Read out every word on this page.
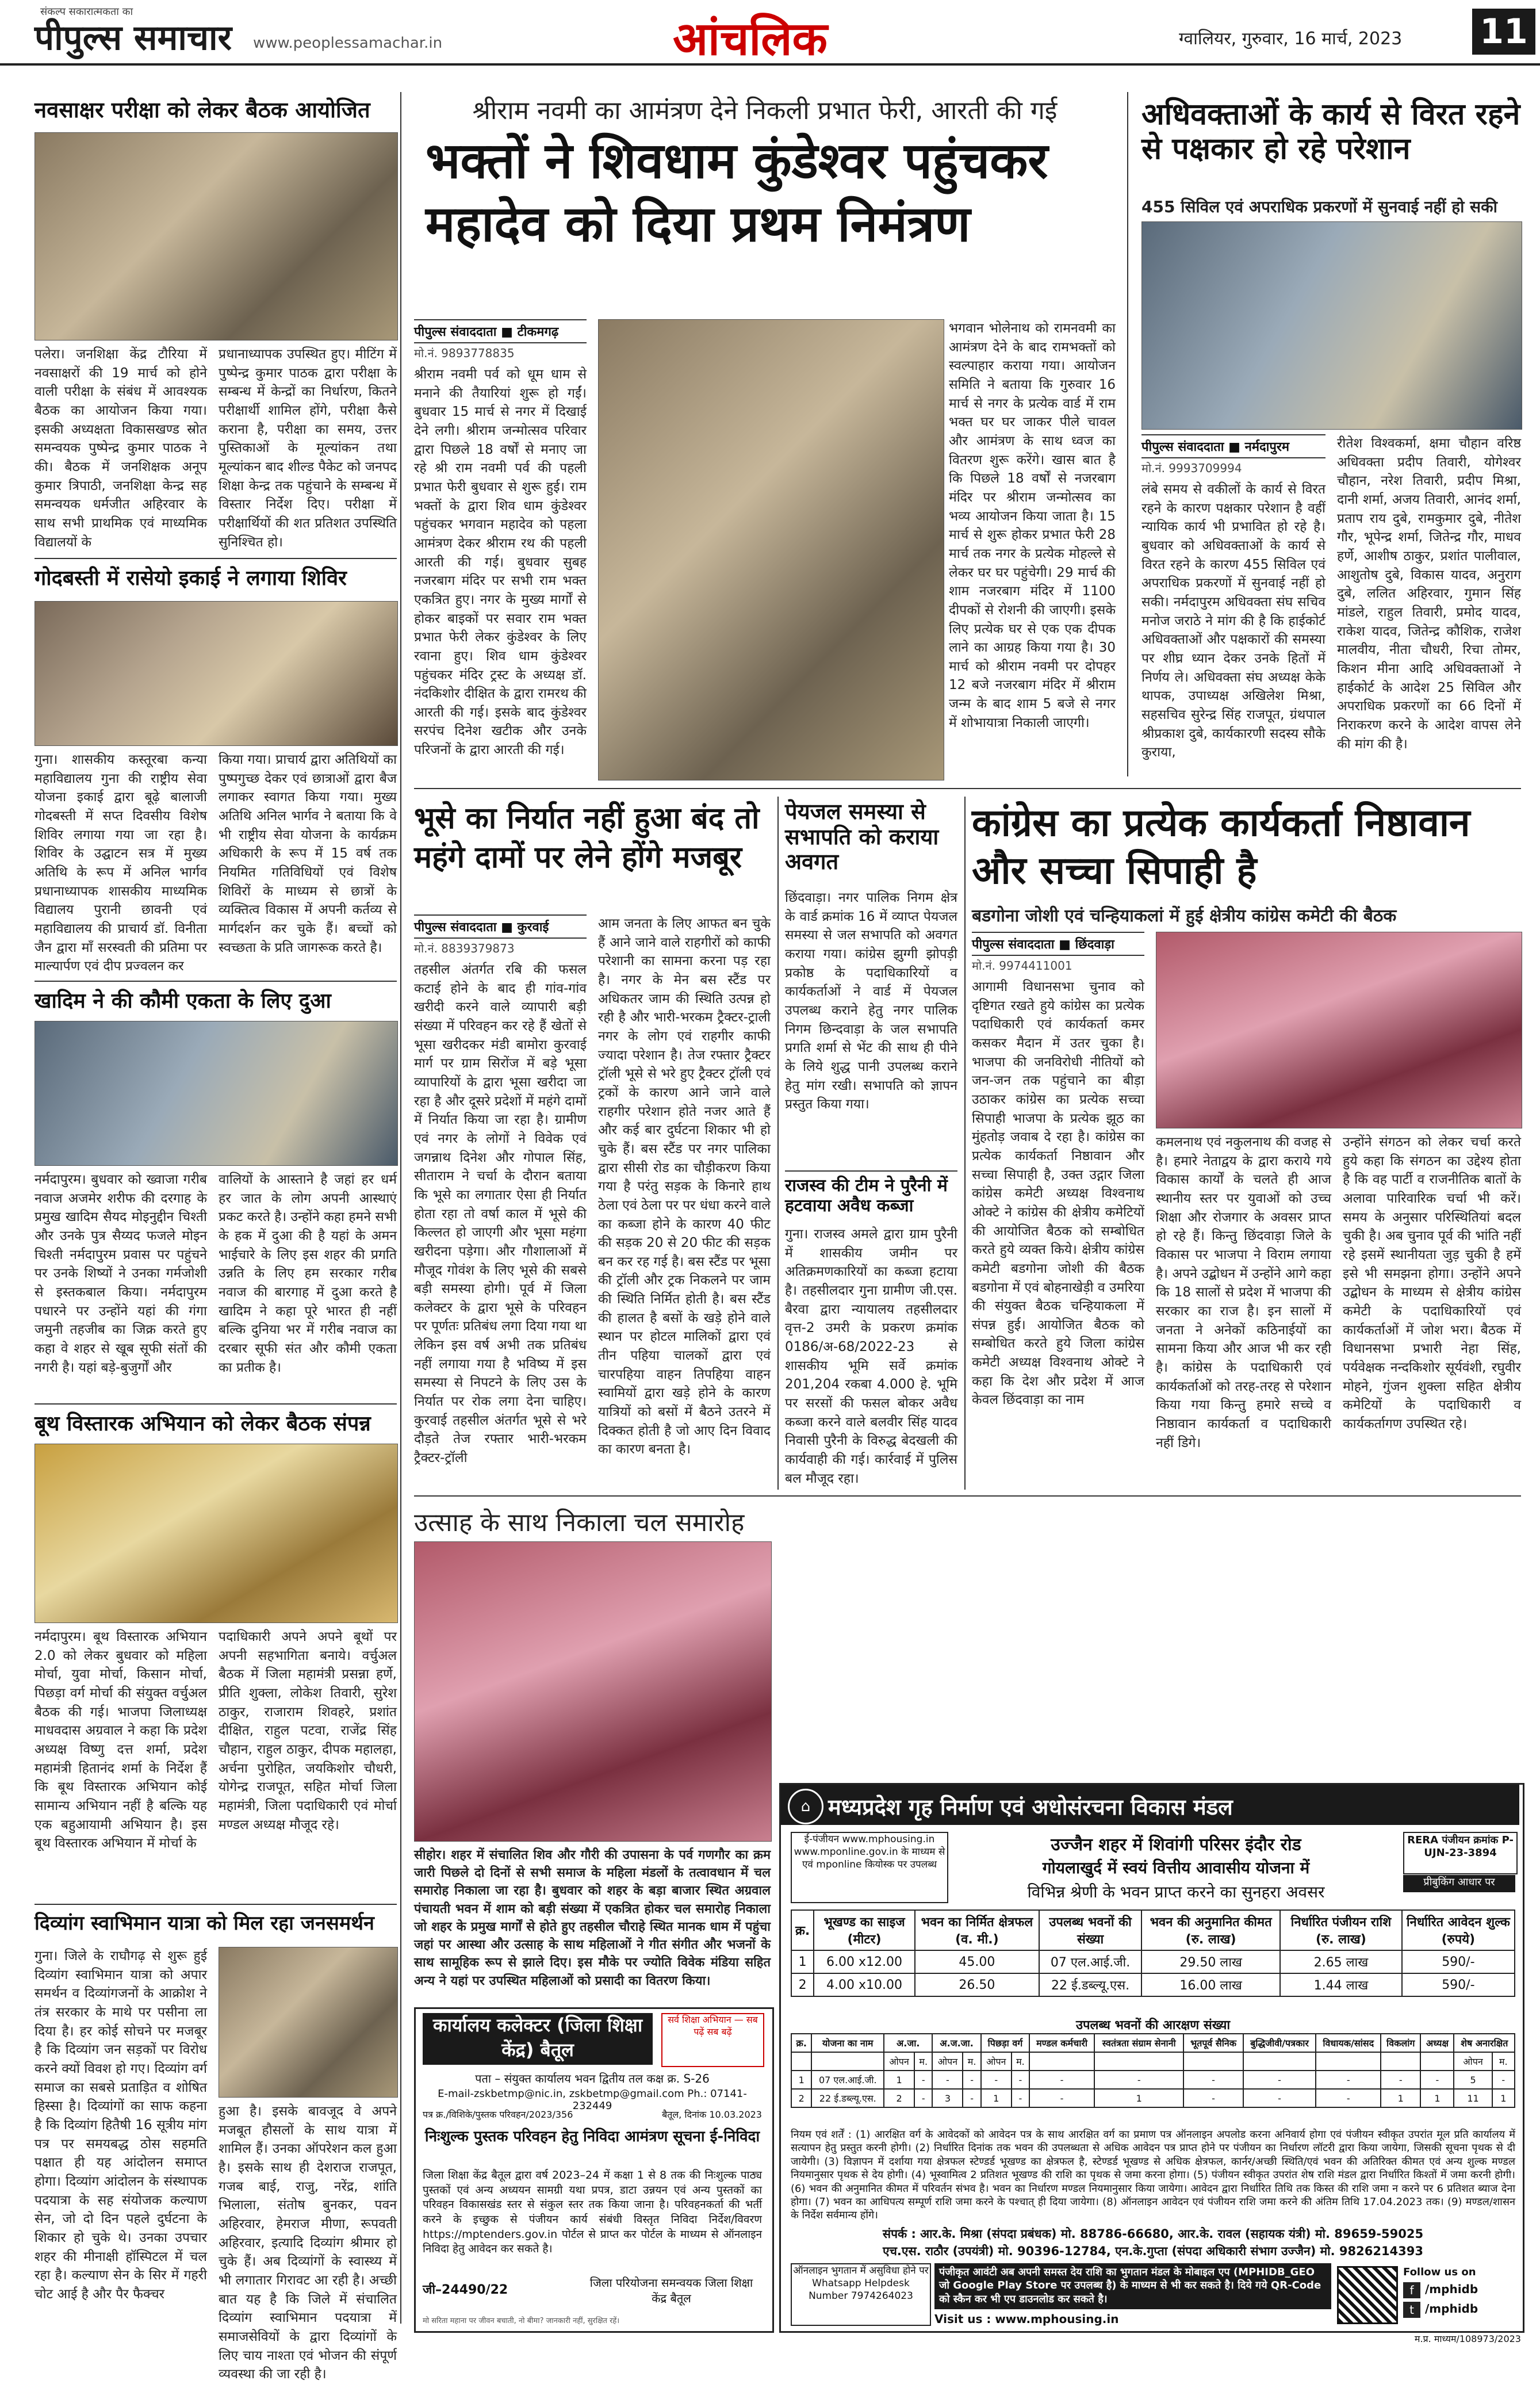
संकल्प सकारात्मकता का
पीपुल्स समाचार www.peoplessamachar.in	आंचलिक	ग्वालियर, गुरुवार, 16 मार्च, 2023 11
नवसाक्षर परीक्षा को लेकर बैठक आयोजित
पलेरा। जनशिक्षा केंद्र टौरिया में नवसाक्षरों की 19 मार्च को होने वाली परीक्षा के संबंध में आवश्यक बैठक का आयोजन किया गया। इसकी अध्यक्षता विकासखण्ड स्रोत समन्वयक पुष्पेन्द्र कुमार पाठक ने की। बैठक में जनशिक्षक अनूप कुमार त्रिपाठी, जनशिक्षा केन्द्र सह समन्वयक धर्मजीत अहिरवार के साथ सभी प्राथमिक एवं माध्यमिक विद्यालयों के
प्रधानाध्यापक उपस्थित हुए। मीटिंग में पुष्पेन्द्र कुमार पाठक द्वारा परीक्षा के सम्बन्ध में केन्द्रों का निर्धारण, कितने परीक्षार्थी शामिल होंगे, परीक्षा कैसे कराना है, परीक्षा का समय, उत्तर पुस्तिकाओं के मूल्यांकन तथा मूल्यांकन बाद शील्ड पैकेट को जनपद शिक्षा केन्द्र तक पहुंचाने के सम्बन्ध में विस्तार निर्देश दिए। परीक्षा में परीक्षार्थियों की शत प्रतिशत उपस्थिति सुनिश्चित हो।
गोदबस्ती में रासेयो इकाई ने लगाया शिविर
गुना। शासकीय कस्तूरबा कन्या महाविद्यालय गुना की राष्ट्रीय सेवा योजना इकाई द्वारा बूढ़े बालाजी गोदबस्ती में सप्त दिवसीय विशेष शिविर लगाया गया जा रहा है। शिविर के उद्घाटन सत्र में मुख्य अतिथि के रूप में अनिल भार्गव प्रधानाध्यापक शासकीय माध्यमिक विद्यालय पुरानी छावनी एवं महाविद्यालय की प्राचार्य डॉ. विनीता जैन द्वारा माँ सरस्वती की प्रतिमा पर माल्यार्पण एवं दीप प्रज्वलन कर
किया गया। प्राचार्य द्वारा अतिथियों का पुष्पगुच्छ देकर एवं छात्राओं द्वारा बैज लगाकर स्वागत किया गया। मुख्य अतिथि अनिल भार्गव ने बताया कि वे भी राष्ट्रीय सेवा योजना के कार्यक्रम अधिकारी के रूप में 15 वर्ष तक नियमित गतिविधियों एवं विशेष शिविरों के माध्यम से छात्रों के व्यक्तित्व विकास में अपनी कर्तव्य से मार्गदर्शन कर चुके हैं। बच्चों को स्वच्छता के प्रति जागरूक करते है।
खादिम ने की कौमी एकता के लिए दुआ
नर्मदापुरम। बुधवार को ख्वाजा गरीब नवाज अजमेर शरीफ की दरगाह के प्रमुख खादिम सैयद मोइनुद्दीन चिश्ती और उनके पुत्र सैय्यद फजले मोइन चिश्ती नर्मदापुरम प्रवास पर पहुंचने पर उनके शिष्यों ने उनका गर्मजोशी से इस्तकबाल किया। नर्मदापुरम पधारने पर उन्होंने यहां की गंगा जमुनी तहजीब का जिक्र करते हुए कहा वे शहर से खूब सूफी संतों की नगरी है। यहां बड़े-बुजुर्गों और
वालियों के आस्ताने है जहां हर धर्म हर जात के लोग अपनी आस्थाएं प्रकट करते है। उन्होंने कहा हमने सभी के हक में दुआ की है यहां के अमन भाईचारे के लिए इस शहर की प्रगति उन्नति के लिए हम सरकार गरीब नवाज की बारगाह में दुआ करते है खादिम ने कहा पूरे भारत ही नहीं बल्कि दुनिया भर में गरीब नवाज का दरबार सूफी संत और कौमी एकता का प्रतीक है।
बूथ विस्तारक अभियान को लेकर बैठक संपन्न
नर्मदापुरम। बूथ विस्तारक अभियान 2.0 को लेकर बुधवार को महिला मोर्चा, युवा मोर्चा, किसान मोर्चा, पिछड़ा वर्ग मोर्चा की संयुक्त वर्चुअल बैठक की गई। भाजपा जिलाध्यक्ष माधवदास अग्रवाल ने कहा कि प्रदेश अध्यक्ष विष्णु दत्त शर्मा, प्रदेश महामंत्री हितानंद शर्मा के निर्देश हैं कि बूथ विस्तारक अभियान कोई सामान्य अभियान नहीं है बल्कि यह एक बहुआयामी अभियान है। इस बूथ विस्तारक अभियान में मोर्चा के
पदाधिकारी अपने अपने बूथों पर अपनी सहभागिता बनाये। वर्चुअल बैठक में जिला महामंत्री प्रसन्ना हर्णे, प्रीति शुक्ला, लोकेश तिवारी, सुरेश ठाकुर, राजाराम शिवहरे, प्रशांत दीक्षित, राहुल पटवा, राजेंद्र सिंह चौहान, राहुल ठाकुर, दीपक महालहा, अर्चना पुरोहित, जयकिशोर चौधरी, योगेन्द्र राजपूत, सहित मोर्चा जिला महामंत्री, जिला पदाधिकारी एवं मोर्चा मण्डल अध्यक्ष मौजूद रहे।
दिव्यांग स्वाभिमान यात्रा को मिल रहा जनसमर्थन
गुना। जिले के राघौगढ़ से शुरू हुई दिव्यांग स्वाभिमान यात्रा को अपार समर्थन व दिव्यांगजनों के आक्रोश ने तंत्र सरकार के माथे पर पसीना ला दिया है। हर कोई सोचने पर मजबूर है कि दिव्यांग जन सड़कों पर विरोध करने क्यों विवश हो गए। दिव्यांग वर्ग समाज का सबसे प्रताड़ित व शोषित हिस्सा है। दिव्यांगों का साफ कहना है कि दिव्यांग हितैषी 16 सूत्रीय मांग पत्र पर समयबद्ध ठोस सहमति पक्षात ही यह आंदोलन समाप्त होगा। दिव्यांग आंदोलन के संस्थापक पदयात्रा के सह संयोजक कल्याण सेन, जो दो दिन पहले दुर्घटना के शिकार हो चुके थे। उनका उपचार शहर की मीनाक्षी हॉस्पिटल में चल रहा है। कल्याण सेन के सिर में गहरी चोट आई है और पैर फैक्चर
हुआ है। इसके बावजूद वे अपने मजबूत हौसलों के साथ यात्रा में शामिल हैं। उनका ऑपरेशन कल हुआ है। इसके साथ ही देशराज राजपूत, गजब बाई, राजु, नरेंद्र, शांति भिलाला, संतोष बुनकर, पवन अहिरवार, हेमराज मीणा, रूपवती अहिरवार, इत्यादि दिव्यांग श्रीमार हो चुके हैं। अब दिव्यांगों के स्वास्थ्य में भी लगातार गिरावट आ रही है। अच्छी बात यह है कि जिले में संचालित दिव्यांग स्वाभिमान पदयात्रा में समाजसेवियों के द्वारा दिव्यांगों के लिए चाय नाश्ता एवं भोजन की संपूर्ण व्यवस्था की जा रही है।
श्रीराम नवमी का आमंत्रण देने निकली प्रभात फेरी, आरती की गई
भक्तों ने शिवधाम कुंडेश्वर पहुंचकर महादेव को दिया प्रथम निमंत्रण
पीपुल्स संवाददाता ■ टीकमगढ़
मो.नं. 9893778835
श्रीराम नवमी पर्व को धूम धाम से मनाने की तैयारियां शुरू हो गईं। बुधवार 15 मार्च से नगर में दिखाई देने लगी। श्रीराम जन्मोत्सव परिवार द्वारा पिछले 18 वर्षों से मनाए जा रहे श्री राम नवमी पर्व की पहली प्रभात फेरी बुधवार से शुरू हुई। राम भक्तों के द्वारा शिव धाम कुंडेश्वर पहुंचकर भगवान महादेव को पहला आमंत्रण देकर श्रीराम रथ की पहली आरती की गई। बुधवार सुबह नजरबाग मंदिर पर सभी राम भक्त एकत्रित हुए। नगर के मुख्य मार्गों से होकर बाइकों पर सवार राम भक्त प्रभात फेरी लेकर कुंडेश्वर के लिए रवाना हुए। शिव धाम कुंडेश्वर पहुंचकर मंदिर ट्रस्ट के अध्यक्ष डॉ. नंदकिशोर दीक्षित के द्वारा रामरथ की आरती की गई। इसके बाद कुंडेश्वर सरपंच दिनेश खटीक और उनके परिजनों के द्वारा आरती की गई।
भगवान भोलेनाथ को रामनवमी का आमंत्रण देने के बाद रामभक्तों को स्वल्पाहार कराया गया। आयोजन समिति ने बताया कि गुरुवार 16 मार्च से नगर के प्रत्येक वार्ड में राम भक्त घर घर जाकर पीले चावल और आमंत्रण के साथ ध्वज का वितरण शुरू करेंगे। खास बात है कि पिछले 18 वर्षों से नजरबाग मंदिर पर श्रीराम जन्मोत्सव का भव्य आयोजन किया जाता है। 15 मार्च से शुरू होकर प्रभात फेरी 28 मार्च तक नगर के प्रत्येक मोहल्ले से लेकर घर घर पहुंचेगी। 29 मार्च की शाम नजरबाग मंदिर में 1100 दीपकों से रोशनी की जाएगी। इसके लिए प्रत्येक घर से एक एक दीपक लाने का आग्रह किया गया है। 30 मार्च को श्रीराम नवमी पर दोपहर 12 बजे नजरबाग मंदिर में श्रीराम जन्म के बाद शाम 5 बजे से नगर में शोभायात्रा निकाली जाएगी।
अधिवक्ताओं के कार्य से विरत रहने से पक्षकार हो रहे परेशान
455 सिविल एवं अपराधिक प्रकरणों में सुनवाई नहीं हो सकी
पीपुल्स संवाददाता ■ नर्मदापुरम
मो.नं. 9993709994
लंबे समय से वकीलों के कार्य से विरत रहने के कारण पक्षकार परेशान है वहीं न्यायिक कार्य भी प्रभावित हो रहे है। बुधवार को अधिवक्ताओं के कार्य से विरत रहने के कारण 455 सिविल एवं अपराधिक प्रकरणों में सुनवाई नहीं हो सकी। नर्मदापुरम अधिवक्ता संघ सचिव मनोज जराठे ने मांग की है कि हाईकोर्ट अधिवक्ताओं और पक्षकारों की समस्या पर शीघ्र ध्यान देकर उनके हितों में निर्णय ले। अधिवक्ता संघ अध्यक्ष केके थापक, उपाध्यक्ष अखिलेश मिश्रा, सहसचिव सुरेन्द्र सिंह राजपूत, ग्रंथपाल श्रीप्रकाश दुबे, कार्यकारणी सदस्य सौके कुराया,
रीतेश विश्वकर्मा, क्षमा चौहान वरिष्ठ अधिवक्ता प्रदीप तिवारी, योगेश्वर चौहान, नरेश तिवारी, प्रदीप मिश्रा, दानी शर्मा, अजय तिवारी, आनंद शर्मा, प्रताप राय दुबे, रामकुमार दुबे, नीतेश गौर, भूपेन्द्र शर्मा, जितेन्द्र गौर, माधव हर्णे, आशीष ठाकुर, प्रशांत पालीवाल, आशुतोष दुबे, विकास यादव, अनुराग दुबे, ललित अहिरवार, गुमान सिंह मांडले, राहुल तिवारी, प्रमोद यादव, राकेश यादव, जितेन्द्र कौशिक, राजेश मालवीय, नीता चौधरी, रिचा तोमर, किशन मीना आदि अधिवक्ताओं ने हाईकोर्ट के आदेश 25 सिविल और अपराधिक प्रकरणों का 66 दिनों में निराकरण करने के आदेश वापस लेने की मांग की है।
भूसे का निर्यात नहीं हुआ बंद तो महंगे दामों पर लेने होंगे मजबूर
पीपुल्स संवाददाता ■ कुरवाई
मो.नं. 8839379873
तहसील अंतर्गत रबि की फसल कटाई होने के बाद ही गांव-गांव खरीदी करने वाले व्यापारी बड़ी संख्या में परिवहन कर रहे हैं खेतों से भूसा खरीदकर मंडी बामोरा कुरवाई मार्ग पर ग्राम सिरोंज में बड़े भूसा व्यापारियों के द्वारा भूसा खरीदा जा रहा है और दूसरे प्रदेशों में महंगे दामों में निर्यात किया जा रहा है। ग्रामीण एवं नगर के लोगों ने विवेक एवं जगन्नाथ दिनेश और गोपाल सिंह, सीताराम ने चर्चा के दौरान बताया कि भूसे का लगातार ऐसा ही निर्यात होता रहा तो वर्षा काल में भूसे की किल्लत हो जाएगी और भूसा महंगा खरीदना पड़ेगा। और गौशालाओं में मौजूद गोवंश के लिए भूसे की सबसे बड़ी समस्या होगी। पूर्व में जिला कलेक्टर के द्वारा भूसे के परिवहन पर पूर्णतः प्रतिबंध लगा दिया गया था लेकिन इस वर्ष अभी तक प्रतिबंध नहीं लगाया गया है भविष्य में इस समस्या से निपटने के लिए उस के निर्यात पर रोक लगा देना चाहिए। कुरवाई तहसील अंतर्गत भूसे से भरे दौड़ते तेज रफ्तार भारी-भरकम ट्रैक्टर-ट्रॉली
आम जनता के लिए आफत बन चुके हैं आने जाने वाले राहगीरों को काफी परेशानी का सामना करना पड़ रहा है। नगर के मेन बस स्टैंड पर अधिकतर जाम की स्थिति उत्पन्न हो रही है और भारी-भरकम ट्रैक्टर-ट्राली नगर के लोग एवं राहगीर काफी ज्यादा परेशान है। तेज रफ्तार ट्रैक्टर ट्रॉली भूसे से भरे हुए ट्रैक्टर ट्रॉली एवं ट्रकों के कारण आने जाने वाले राहगीर परेशान होते नजर आते हैं और कई बार दुर्घटना शिकार भी हो चुके हैं। बस स्टैंड पर नगर पालिका द्वारा सीसी रोड का चौड़ीकरण किया गया है परंतु सड़क के किनारे हाथ ठेला एवं ठेला पर पर धंधा करने वाले का कब्जा होने के कारण 40 फीट की सड़क 20 से 20 फीट की सड़क बन कर रह गई है। बस स्टैंड पर भूसा की ट्रॉली और ट्रक निकलने पर जाम की स्थिति निर्मित होती है। बस स्टैंड की हालत है बसों के खड़े होने वाले स्थान पर होटल मालिकों द्वारा एवं तीन पहिया चालकों द्वारा एवं चारपहिया वाहन तिपहिया वाहन स्वामियों द्वारा खड़े होने के कारण यात्रियों को बसों में बैठने उतरने में दिक्कत होती है जो आए दिन विवाद का कारण बनता है।
पेयजल समस्या से सभापति को कराया अवगत
छिंदवाड़ा। नगर पालिक निगम क्षेत्र के वार्ड क्रमांक 16 में व्याप्त पेयजल समस्या से जल सभापति को अवगत कराया गया। कांग्रेस झुग्गी झोपड़ी प्रकोष्ठ के पदाधिकारियों व कार्यकर्ताओं ने वार्ड में पेयजल उपलब्ध कराने हेतु नगर पालिक निगम छिन्दवाड़ा के जल सभापति प्रगति शर्मा से भेंट की साथ ही पीने के लिये शुद्ध पानी उपलब्ध कराने हेतु मांग रखी। सभापति को ज्ञापन प्रस्तुत किया गया।
राजस्व की टीम ने पुरैनी में हटवाया अवैध कब्जा
गुना। राजस्व अमले द्वारा ग्राम पुरैनी में शासकीय जमीन पर अतिक्रमणकारियों का कब्जा हटाया है। तहसीलदार गुना ग्रामीण जी.एस. बैरवा द्वारा न्यायालय तहसीलदार वृत्त-2 उमरी के प्रकरण क्रमांक 0186/अ-68/2022-23 से शासकीय भूमि सर्वे क्रमांक 201,204 रकबा 4.000 हे. भूमि पर सरसों की फसल बोकर अवैध कब्जा करने वाले बलवीर सिंह यादव निवासी पुरैनी के विरुद्ध बेदखली की कार्यवाही की गई। कार्रवाई में पुलिस बल मौजूद रहा।
कांग्रेस का प्रत्येक कार्यकर्ता निष्ठावान और सच्चा सिपाही है
बडगोना जोशी एवं चन्हियाकलां में हुई क्षेत्रीय कांग्रेस कमेटी की बैठक
पीपुल्स संवाददाता ■ छिंदवाड़ा
मो.नं. 9974411001
आगामी विधानसभा चुनाव को दृष्टिगत रखते हुये कांग्रेस का प्रत्येक पदाधिकारी एवं कार्यकर्ता कमर कसकर मैदान में उतर चुका है। भाजपा की जनविरोधी नीतियों को जन-जन तक पहुंचाने का बीड़ा उठाकर कांग्रेस का प्रत्येक सच्चा सिपाही भाजपा के प्रत्येक झूठ का मुंहतोड़ जवाब दे रहा है। कांग्रेस का प्रत्येक कार्यकर्ता निष्ठावान और सच्चा सिपाही है, उक्त उद्गार जिला कांग्रेस कमेटी अध्यक्ष विश्वनाथ ओक्टे ने कांग्रेस की क्षेत्रीय कमेटियों की आयोजित बैठक को सम्बोधित करते हुये व्यक्त किये। क्षेत्रीय कांग्रेस कमेटी बडगोना जोशी की बैठक बडगोना में एवं बोहनाखेड़ी व उमरिया की संयुक्त बैठक चन्हियाकला में संपन्न हुई। आयोजित बैठक को सम्बोधित करते हुये जिला कांग्रेस कमेटी अध्यक्ष विश्वनाथ ओक्टे ने कहा कि देश और प्रदेश में आज केवल छिंदवाड़ा का नाम
कमलनाथ एवं नकुलनाथ की वजह से है। हमारे नेताद्वय के द्वारा कराये गये विकास कार्यों के चलते ही आज स्थानीय स्तर पर युवाओं को उच्च शिक्षा और रोजगार के अवसर प्राप्त हो रहे हैं। किन्तु छिंदवाड़ा जिले के विकास पर भाजपा ने विराम लगाया है। अपने उद्बोधन में उन्होंने आगे कहा कि 18 सालों से प्रदेश में भाजपा की सरकार का राज है। इन सालों में जनता ने अनेकों कठिनाईयों का सामना किया और आज भी कर रही है। कांग्रेस के पदाधिकारी एवं कार्यकर्ताओं को तरह-तरह से परेशान किया गया किन्तु हमारे सच्चे व निष्ठावान कार्यकर्ता व पदाधिकारी नहीं डिगे।
उन्होंने संगठन को लेकर चर्चा करते हुये कहा कि संगठन का उद्देश्य होता है कि वह पार्टी व राजनीतिक बातों के अलावा पारिवारिक चर्चा भी करें। समय के अनुसार परिस्थितियां बदल चुकी है। अब चुनाव पूर्व की भांति नहीं रहे इसमें स्थानीयता जुड़ चुकी है हमें इसे भी समझना होगा। उन्होंने अपने उद्बोधन के माध्यम से क्षेत्रीय कांग्रेस कमेटी के पदाधिकारियों एवं कार्यकर्ताओं में जोश भरा। बैठक में विधानसभा प्रभारी नेहा सिंह, पर्यवेक्षक नन्दकिशोर सूर्यवंशी, रघुवीर मोहने, गुंजन शुक्ला सहित क्षेत्रीय कमेटियों के पदाधिकारी व कार्यकर्तागण उपस्थित रहे।
उत्साह के साथ निकाला चल समारोह
सीहोर। शहर में संचालित शिव और गौरी की उपासना के पर्व गणगौर का क्रम जारी पिछले दो दिनों से सभी समाज के महिला मंडलों के तत्वावधान में चल समारोह निकाला जा रहा है। बुधवार को शहर के बड़ा बाजार स्थित अग्रवाल पंचायती भवन में शाम को बड़ी संख्या में एकत्रित होकर चल समारोह निकाला जो शहर के प्रमुख मार्गों से होते हुए तहसील चौराहे स्थित मानक धाम में पहुंचा जहां पर आस्था और उत्साह के साथ महिलाओं ने गीत संगीत और भजनों के साथ सामूहिक रूप से झाले दिए। इस मौके पर ज्योति विवेक मंडिया सहित अन्य ने यहां पर उपस्थित महिलाओं को प्रसादी का वितरण किया।
कार्यालय कलेक्टर (जिला शिक्षा केंद्र) बैतूल
सर्व शिक्षा अभियान — सब पढ़ें सब बढ़ें
पता – संयुक्त कार्यालय भवन द्वितीय तल कक्ष क्र. S-26
E-mail-zskbetmp@nic.in, zskbetmp@gmail.com Ph.: 07141-232449
पत्र क्र./विशिके/पुस्तक परिवहन/2023/356	बैतूल, दिनांक 10.03.2023
निःशुल्क पुस्तक परिवहन हेतु निविदा आमंत्रण सूचना ई-निविदा
जिला शिक्षा केंद्र बैतूल द्वारा वर्ष 2023–24 में कक्षा 1 से 8 तक की निःशुल्क पाठ्य पुस्तकों एवं अन्य अध्ययन सामग्री यथा प्रपत्र, डाटा उन्नयन एवं अन्य पुस्तकों का परिवहन विकासखंड स्तर से संकुल स्तर तक किया जाना है। परिवहनकर्ता की भर्ती करने के इच्छुक से पंजीयन कार्य संबंधी विस्तृत निविदा निर्देश/विवरण https://mptenders.gov.in पोर्टल से प्राप्त कर पोर्टल के माध्यम से ऑनलाइन निविदा हेतु आवेदन कर सकते है।
जी–24490/22	जिला परियोजना समन्वयक जिला शिक्षा केंद्र बैतूल
मो सरिता महाना पर जीवन बचाती, नो बीमा? जानकारी नहीं, सुरक्षित रहें।
⌂ मध्यप्रदेश गृह निर्माण एवं अधोसंरचना विकास मंडल
ई-पंजीयन www.mphousing.in www.mponline.gov.in के माध्यम से एवं mponline कियोस्क पर उपलब्ध
उज्जैन शहर में शिवांगी परिसर इंदौर रोड
गोयलाखुर्द में स्वयं वित्तीय आवासीय योजना में
विभिन्न श्रेणी के भवन प्राप्त करने का सुनहरा अवसर
RERA पंजीयन क्रमांक P-UJN-23-3894
प्रीबुकिंग आधार पर
क्र.	भूखण्ड का साइज (मीटर)	भवन का निर्मित क्षेत्रफल (व. मी.)	उपलब्ध भवनों की संख्या	भवन की अनुमानित कीमत (रु. लाख)	निर्धारित पंजीयन राशि (रु. लाख)	निर्धारित आवेदन शुल्क (रुपये)
1	6.00 x12.00	45.00	07 एल.आई.जी.	29.50 लाख	2.65 लाख	590/-
2	4.00 x10.00	26.50	22 ई.डब्ल्यू.एस.	16.00 लाख	1.44 लाख	590/-
उपलब्ध भवनों की आरक्षण संख्या
क्र.	योजना का नाम	अ.जा.		अ.ज.जा.		पिछड़ा वर्ग		मण्डल कर्मचारी	स्वतंत्रता संग्राम सेनानी	भूतपूर्व सैनिक	बुद्धिजीवी/पत्रकार	विधायक/सांसद	विकलांग	अध्यक्ष	शेष अनारक्षित	
		ओपन	म.	ओपन	म.	ओपन	म.								ओपन	म.
1	07 एल.आई.जी.	1	-	-	-	-	-	-	-	-	-	-	-	-	5	-
2	22 ई.डब्ल्यू.एस.	2	-	3	-	1	-	-	1	-	-	-	1	1	11	1
नियम एवं शर्तें : (1) आरक्षित वर्ग के आवेदकों को आवेदन पत्र के साथ आरक्षित वर्ग का प्रमाण पत्र ऑनलाइन अपलोड करना अनिवार्य होगा एवं पंजीयन स्वीकृत उपरांत मूल प्रति कार्यालय में सत्यापन हेतु प्रस्तुत करनी होगी। (2) निर्धारित दिनांक तक भवन की उपलब्धता से अधिक आवेदन पत्र प्राप्त होने पर पंजीयन का निर्धारण लॉटरी द्वारा किया जायेगा, जिसकी सूचना पृथक से दी जायेगी। (3) विज्ञापन में दर्शाया गया क्षेत्रफल स्टेण्डर्ड भूखण्ड का क्षेत्रफल है, स्टेण्डर्ड भूखण्ड से अधिक क्षेत्रफल, कार्नर/अच्छी स्थिति/एवं भवन की अतिरिक्त कीमत एवं अन्य शुल्क मण्डल नियमानुसार पृथक से देय होगी। (4) भूस्वामित्व 2 प्रतिशत भूखण्ड की राशि का पृथक से जमा करना होगा। (5) पंजीयन स्वीकृत उपरांत शेष राशि मंडल द्वारा निर्धारित किश्तों में जमा करनी होगी। (6) भवन की अनुमानित कीमत में परिवर्तन संभव है। भवन का निर्धारण मण्डल नियमानुसार किया जायेगा। आवेदन द्वारा निर्धारित तिथि तक किस्त की राशि जमा न करने पर 6 प्रतिशत ब्याज देना होगा। (7) भवन का आधिपत्य सम्पूर्ण राशि जमा करने के पश्चात् ही दिया जायेगा। (8) ऑनलाइन आवेदन एवं पंजीयन राशि जमा करने की अंतिम तिथि 17.04.2023 तक। (9) मण्डल/शासन के निर्देश सर्वमान्य होंगे।
संपर्क : आर.के. मिश्रा (संपदा प्रबंधक) मो. 88786-66680, आर.के. रावल (सहायक यंत्री) मो. 89659-59025
एच.एस. राठौर (उपयंत्री) मो. 90396-12784, एन.के.गुप्ता (संपदा अधिकारी संभाग उज्जैन) मो. 9826214393
ऑनलाइन भुगतान में असुविधा होने पर Whatsapp Helpdesk Number 7974264023
पंजीकृत आवंटी अब अपनी समस्त देय राशि का भुगतान मंडल के मोबाइल एप (MPHIDB_GEO जो Google Play Store पर उपलब्ध है) के माध्यम से भी कर सकते है। दिये गये QR-Code को स्कैन कर भी एप डाउनलोड कर सकते है।
Visit us : www.mphousing.in
Follow us on
f /mphidb
t /mphidb
म.प्र. माध्यम/108973/2023
